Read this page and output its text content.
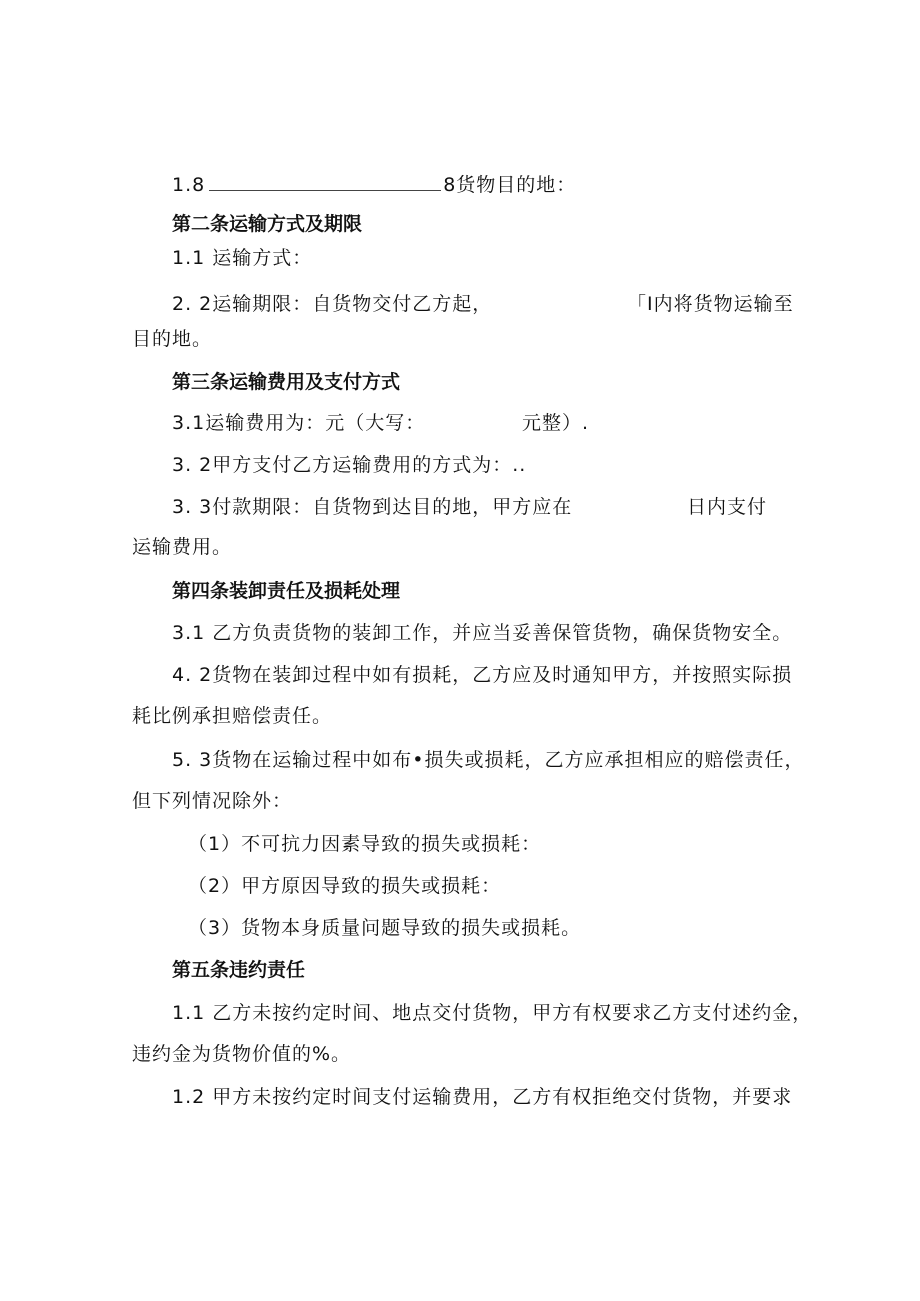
1.8	8货物目的地：
第二条运输方式及期限
1.1 运输方式：
2. 2运输期限：自货物交付乙方起，	「I内将货物运输至
目的地。
第三条运输费用及支付方式
3.1运输费用为：元（大写：	元整）.
3. 2甲方支付乙方运输费用的方式为：..
3. 3付款期限：自货物到达目的地，甲方应在	日内支付
运输费用。
第四条装卸责任及损耗处理
3.1 乙方负责货物的装卸工作，并应当妥善保管货物，确保货物安全。
4. 2货物在装卸过程中如有损耗，乙方应及时通知甲方，并按照实际损
耗比例承担赔偿责任。
5. 3货物在运输过程中如布•损失或损耗，乙方应承担相应的赔偿责任，
但下列情况除外：
（1）不可抗力因素导致的损失或损耗：
（2）甲方原因导致的损失或损耗：
（3）货物本身质量问题导致的损失或损耗。
第五条违约责任
1.1 乙方未按约定时间、地点交付货物，甲方有权要求乙方支付述约金，
违约金为货物价值的%。
1.2 甲方未按约定时间支付运输费用，乙方有权拒绝交付货物，并要求
